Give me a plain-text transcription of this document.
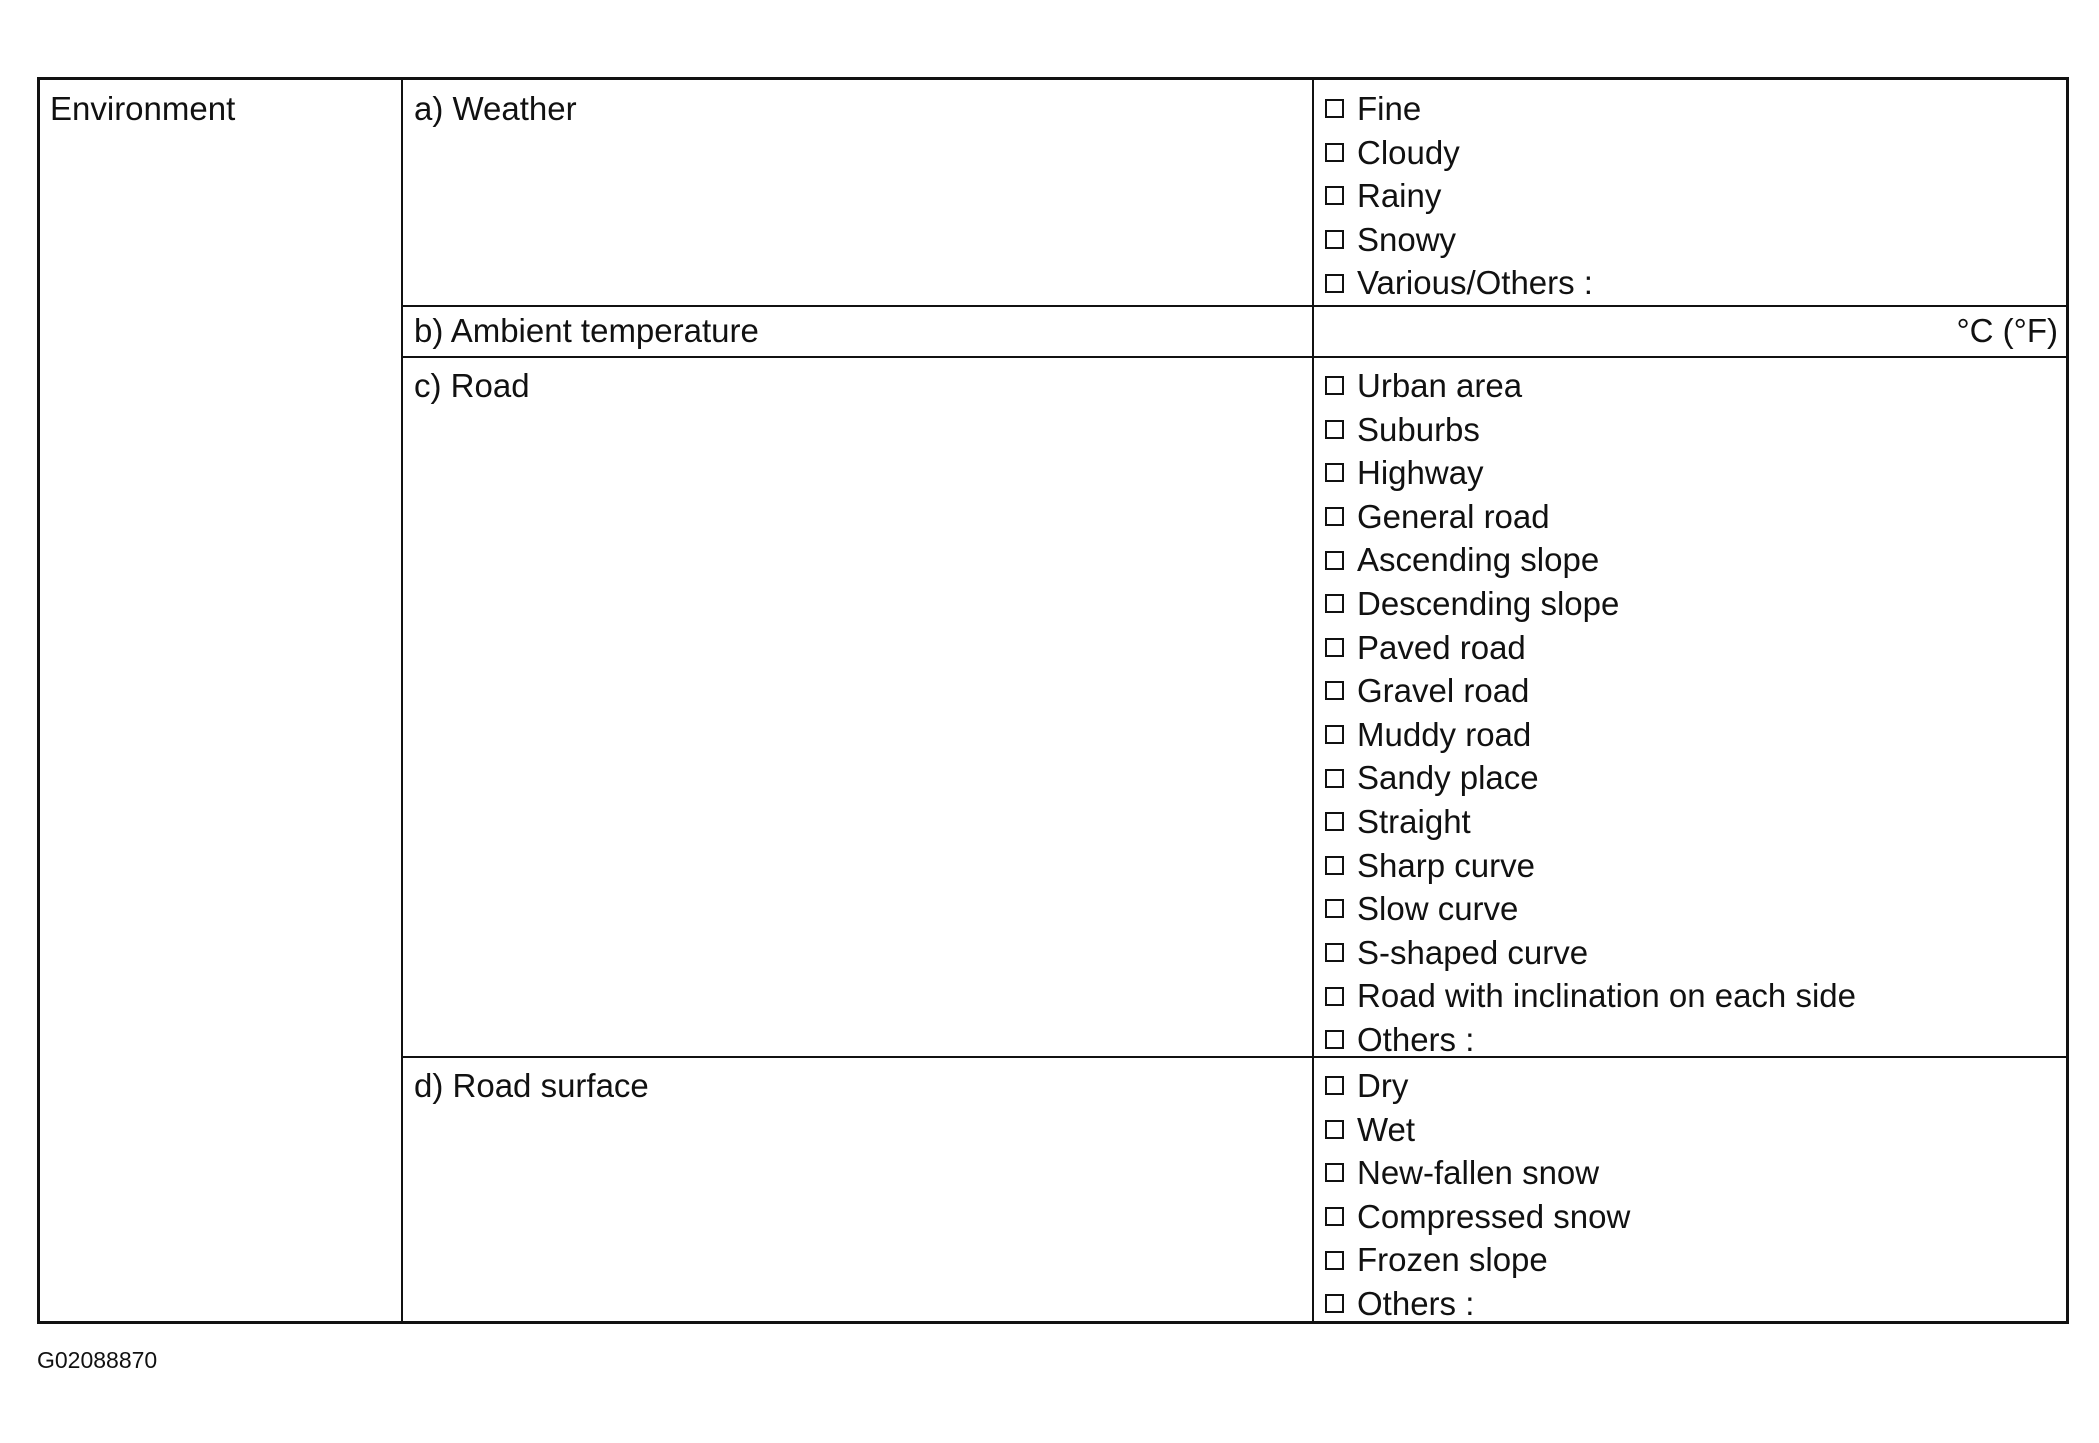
Environment	a) Weather	Fine
Cloudy
Rainy
Snowy
Various/Others :
b) Ambient temperature	°C (°F)
c) Road	Urban area
Suburbs
Highway
General road
Ascending slope
Descending slope
Paved road
Gravel road
Muddy road
Sandy place
Straight
Sharp curve
Slow curve
S-shaped curve
Road with inclination on each side
Others :
d) Road surface	Dry
Wet
New-fallen snow
Compressed snow
Frozen slope
Others :
G02088870
